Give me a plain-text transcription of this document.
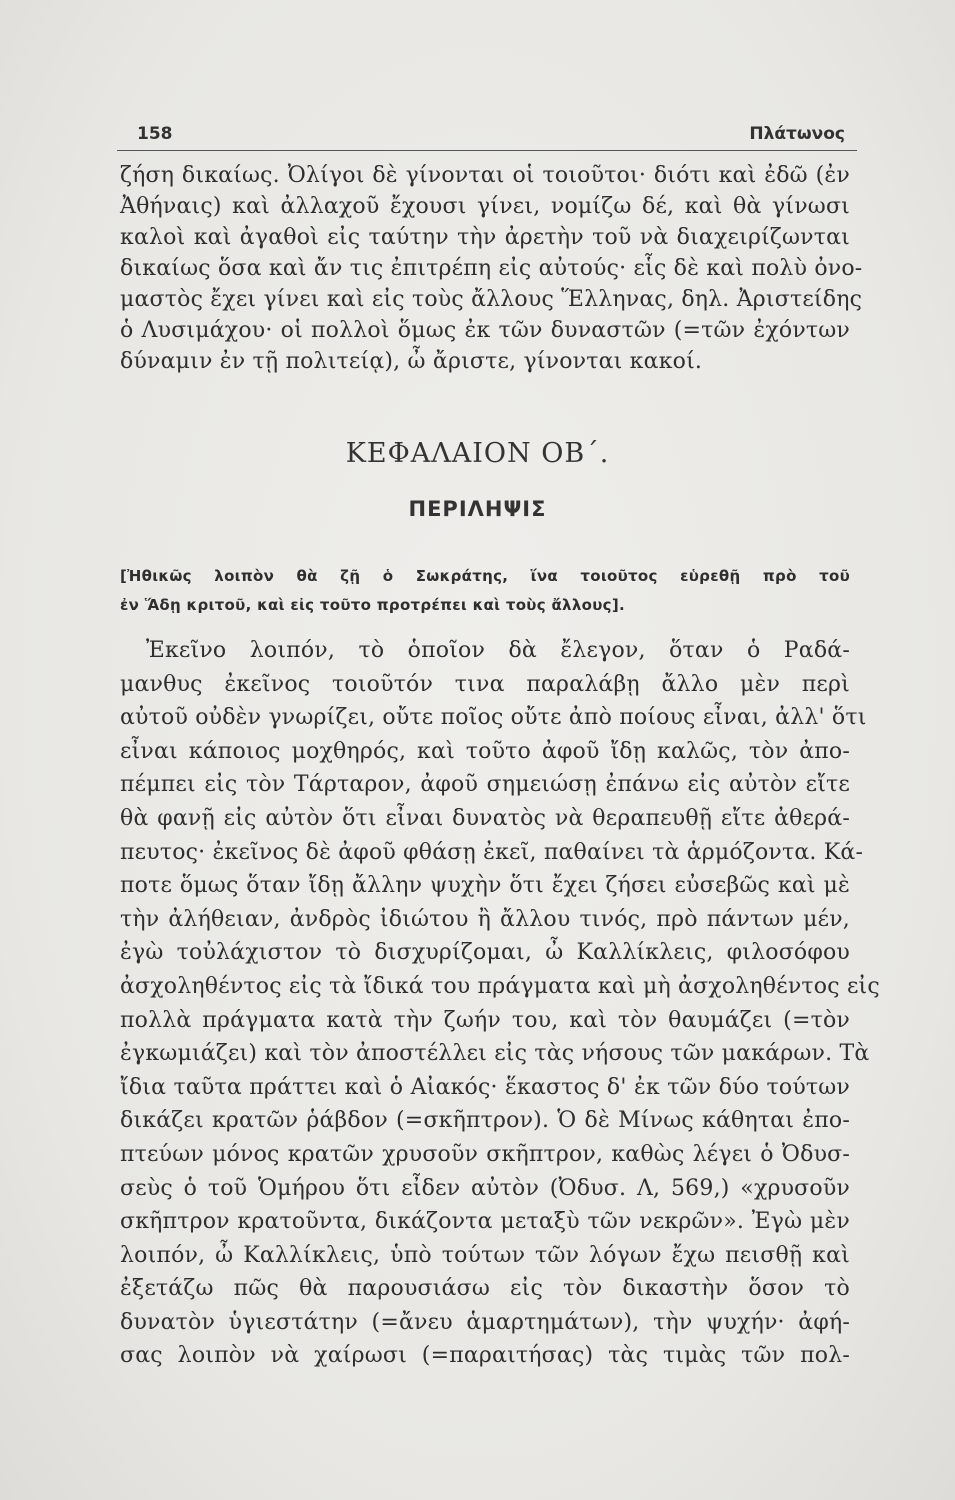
158	Πλάτωνος
ζήση δικαίως. Ὀλίγοι δὲ γίνονται οἱ τοιοῦτοι· διότι καὶ ἐδῶ (ἐν
Ἀθήναις) καὶ ἀλλαχοῦ ἔχουσι γίνει, νομίζω δέ, καὶ θὰ γίνωσι
καλοὶ καὶ ἀγαθοὶ εἰς ταύτην τὴν ἀρετὴν τοῦ νὰ διαχειρίζωνται
δικαίως ὅσα καὶ ἄν τις ἐπιτρέπη εἰς αὐτούς· εἷς δὲ καὶ πολὺ ὀνο-
μαστὸς ἔχει γίνει καὶ εἰς τοὺς ἄλλους Ἕλληνας, δηλ. Ἀριστείδης
ὁ Λυσιμάχου· οἱ πολλοὶ ὅμως ἐκ τῶν δυναστῶν (=τῶν ἐχόντων
δύναμιν ἐν τῇ πολιτείᾳ), ὦ ἄριστε, γίνονται κακοί.
ΚΕΦΑΛΑΙΟΝ ΟΒ΄.
ΠΕΡΙΛΗΨΙΣ
[Ἠθικῶς λοιπὸν θὰ ζῇ ὁ Σωκράτης, ἵνα τοιοῦτος εὑρεθῇ πρὸ τοῦ
ἐν Ἅδῃ κριτοῦ, καὶ εἰς τοῦτο προτρέπει καὶ τοὺς ἄλλους].
Ἐκεῖνο λοιπόν, τὸ ὁποῖον δὰ ἔλεγον, ὅταν ὁ Ραδά-
μανθυς ἐκεῖνος τοιοῦτόν τινα παραλάβῃ ἄλλο μὲν περὶ
αὐτοῦ οὐδὲν γνωρίζει, οὔτε ποῖος οὔτε ἀπὸ ποίους εἶναι, ἀλλ' ὅτι
εἶναι κάποιος μοχθηρός, καὶ τοῦτο ἀφοῦ ἴδῃ καλῶς, τὸν ἀπο-
πέμπει εἰς τὸν Τάρταρον, ἀφοῦ σημειώσῃ ἐπάνω εἰς αὐτὸν εἴτε
θὰ φανῇ εἰς αὐτὸν ὅτι εἶναι δυνατὸς νὰ θεραπευθῇ εἴτε ἀθερά-
πευτος· ἐκεῖνος δὲ ἀφοῦ φθάσῃ ἐκεῖ, παθαίνει τὰ ἁρμόζοντα. Κά-
ποτε ὅμως ὅταν ἴδῃ ἄλλην ψυχὴν ὅτι ἔχει ζήσει εὐσεβῶς καὶ μὲ
τὴν ἀλήθειαν, ἀνδρὸς ἰδιώτου ἢ ἄλλου τινός, πρὸ πάντων μέν,
ἐγὼ τοὐλάχιστον τὸ δισχυρίζομαι, ὦ Καλλίκλεις, φιλοσόφου
ἀσχοληθέντος εἰς τὰ ἴδικά του πράγματα καὶ μὴ ἀσχοληθέντος εἰς
πολλὰ πράγματα κατὰ τὴν ζωήν του, καὶ τὸν θαυμάζει (=τὸν
ἐγκωμιάζει) καὶ τὸν ἀποστέλλει εἰς τὰς νήσους τῶν μακάρων. Τὰ
ἴδια ταῦτα πράττει καὶ ὁ Αἰακός· ἕκαστος δ' ἐκ τῶν δύο τούτων
δικάζει κρατῶν ῥάβδον (=σκῆπτρον). Ὁ δὲ Μίνως κάθηται ἐπο-
πτεύων μόνος κρατῶν χρυσοῦν σκῆπτρον, καθὼς λέγει ὁ Ὀδυσ-
σεὺς ὁ τοῦ Ὁμήρου ὅτι εἶδεν αὐτὸν (Ὀδυσ. Λ, 569,) «χρυσοῦν
σκῆπτρον κρατοῦντα, δικάζοντα μεταξὺ τῶν νεκρῶν». Ἐγὼ μὲν
λοιπόν, ὦ Καλλίκλεις, ὑπὸ τούτων τῶν λόγων ἔχω πεισθῇ καὶ
ἐξετάζω πῶς θὰ παρουσιάσω εἰς τὸν δικαστὴν ὅσον τὸ
δυνατὸν ὑγιεστάτην (=ἄνευ ἁμαρτημάτων), τὴν ψυχήν· ἀφή-
σας λοιπὸν νὰ χαίρωσι (=παραιτήσας) τὰς τιμὰς τῶν πολ-
